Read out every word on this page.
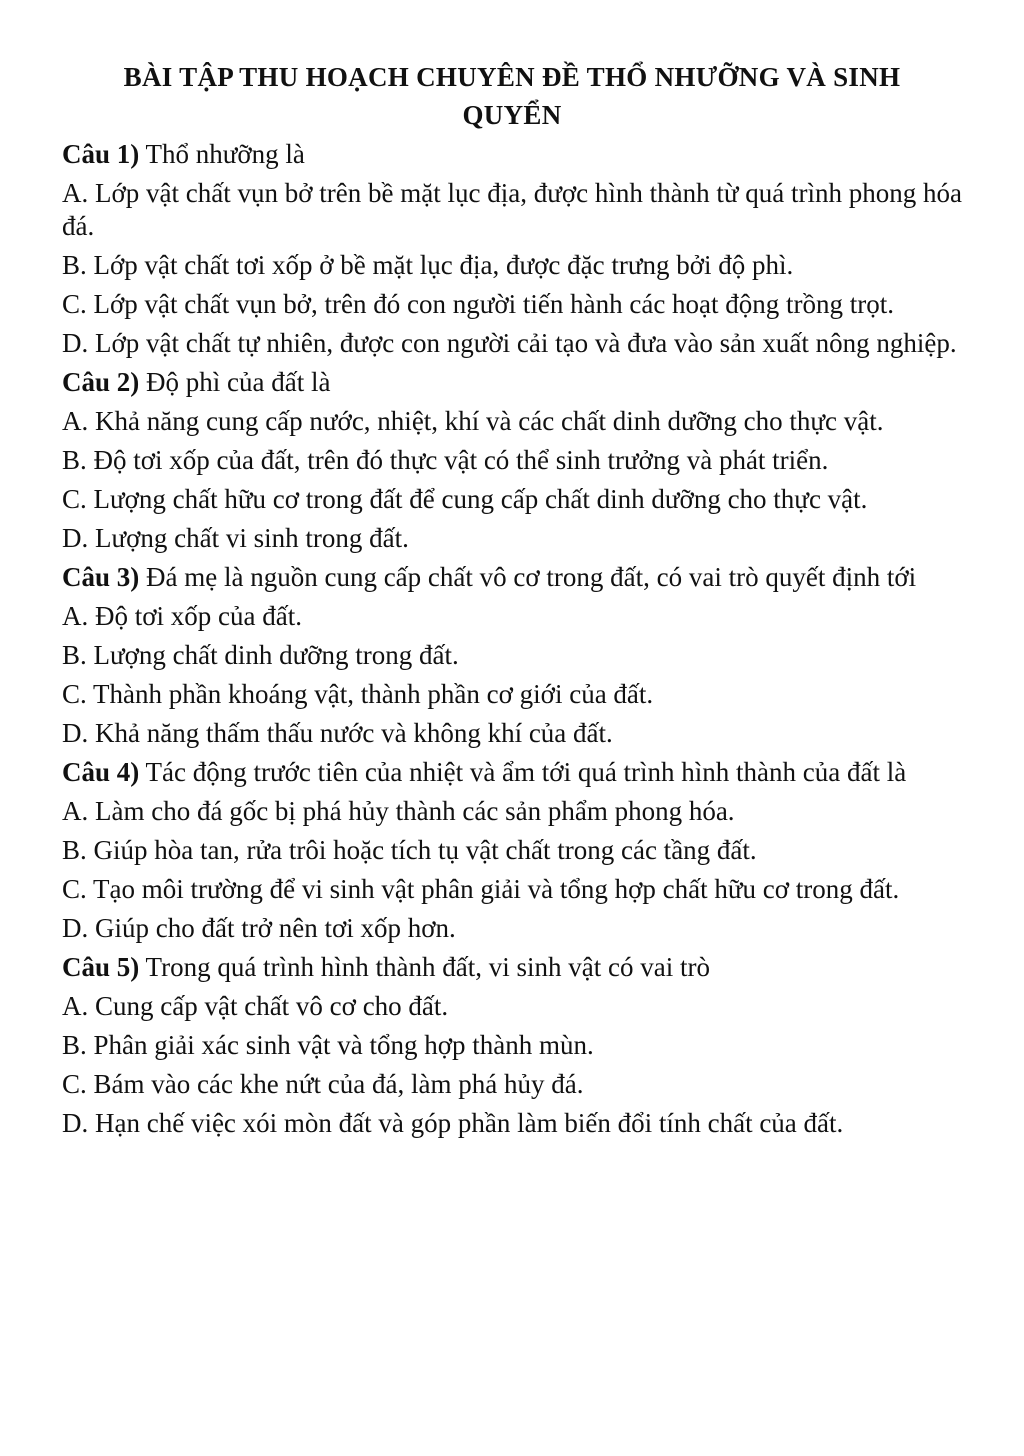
BÀI TẬP THU HOẠCH CHUYÊN ĐỀ THỔ NHƯỠNG VÀ SINH
QUYỂN

Câu 1) Thổ nhưỡng là

A. Lớp vật chất vụn bở trên bề mặt lục địa, được hình thành từ quá trình phong hóa đá.

B. Lớp vật chất tơi xốp ở bề mặt lục địa, được đặc trưng bởi độ phì.

C. Lớp vật chất vụn bở, trên đó con người tiến hành các hoạt động trồng trọt.

D. Lớp vật chất tự nhiên, được con người cải tạo và đưa vào sản xuất nông nghiệp.

Câu 2) Độ phì của đất là

A. Khả năng cung cấp nước, nhiệt, khí và các chất dinh dưỡng cho thực vật.

B. Độ tơi xốp của đất, trên đó thực vật có thể sinh trưởng và phát triển.

C. Lượng chất hữu cơ trong đất để cung cấp chất dinh dưỡng cho thực vật.

D. Lượng chất vi sinh trong đất.

Câu 3) Đá mẹ là nguồn cung cấp chất vô cơ trong đất, có vai trò quyết định tới

A. Độ tơi xốp của đất.

B. Lượng chất dinh dưỡng trong đất.

C. Thành phần khoáng vật, thành phần cơ giới của đất.

D. Khả năng thấm thấu nước và không khí của đất.

Câu 4) Tác động trước tiên của nhiệt và ẩm tới quá trình hình thành của đất là

A. Làm cho đá gốc bị phá hủy thành các sản phẩm phong hóa.

B. Giúp hòa tan, rửa trôi hoặc tích tụ vật chất trong các tầng đất.

C. Tạo môi trường để vi sinh vật phân giải và tổng hợp chất hữu cơ trong đất.

D. Giúp cho đất trở nên tơi xốp hơn.

Câu 5) Trong quá trình hình thành đất, vi sinh vật có vai trò

A. Cung cấp vật chất vô cơ cho đất.

B. Phân giải xác sinh vật và tổng hợp thành mùn.

C. Bám vào các khe nứt của đá, làm phá hủy đá.

D. Hạn chế việc xói mòn đất và góp phần làm biến đổi tính chất của đất.
